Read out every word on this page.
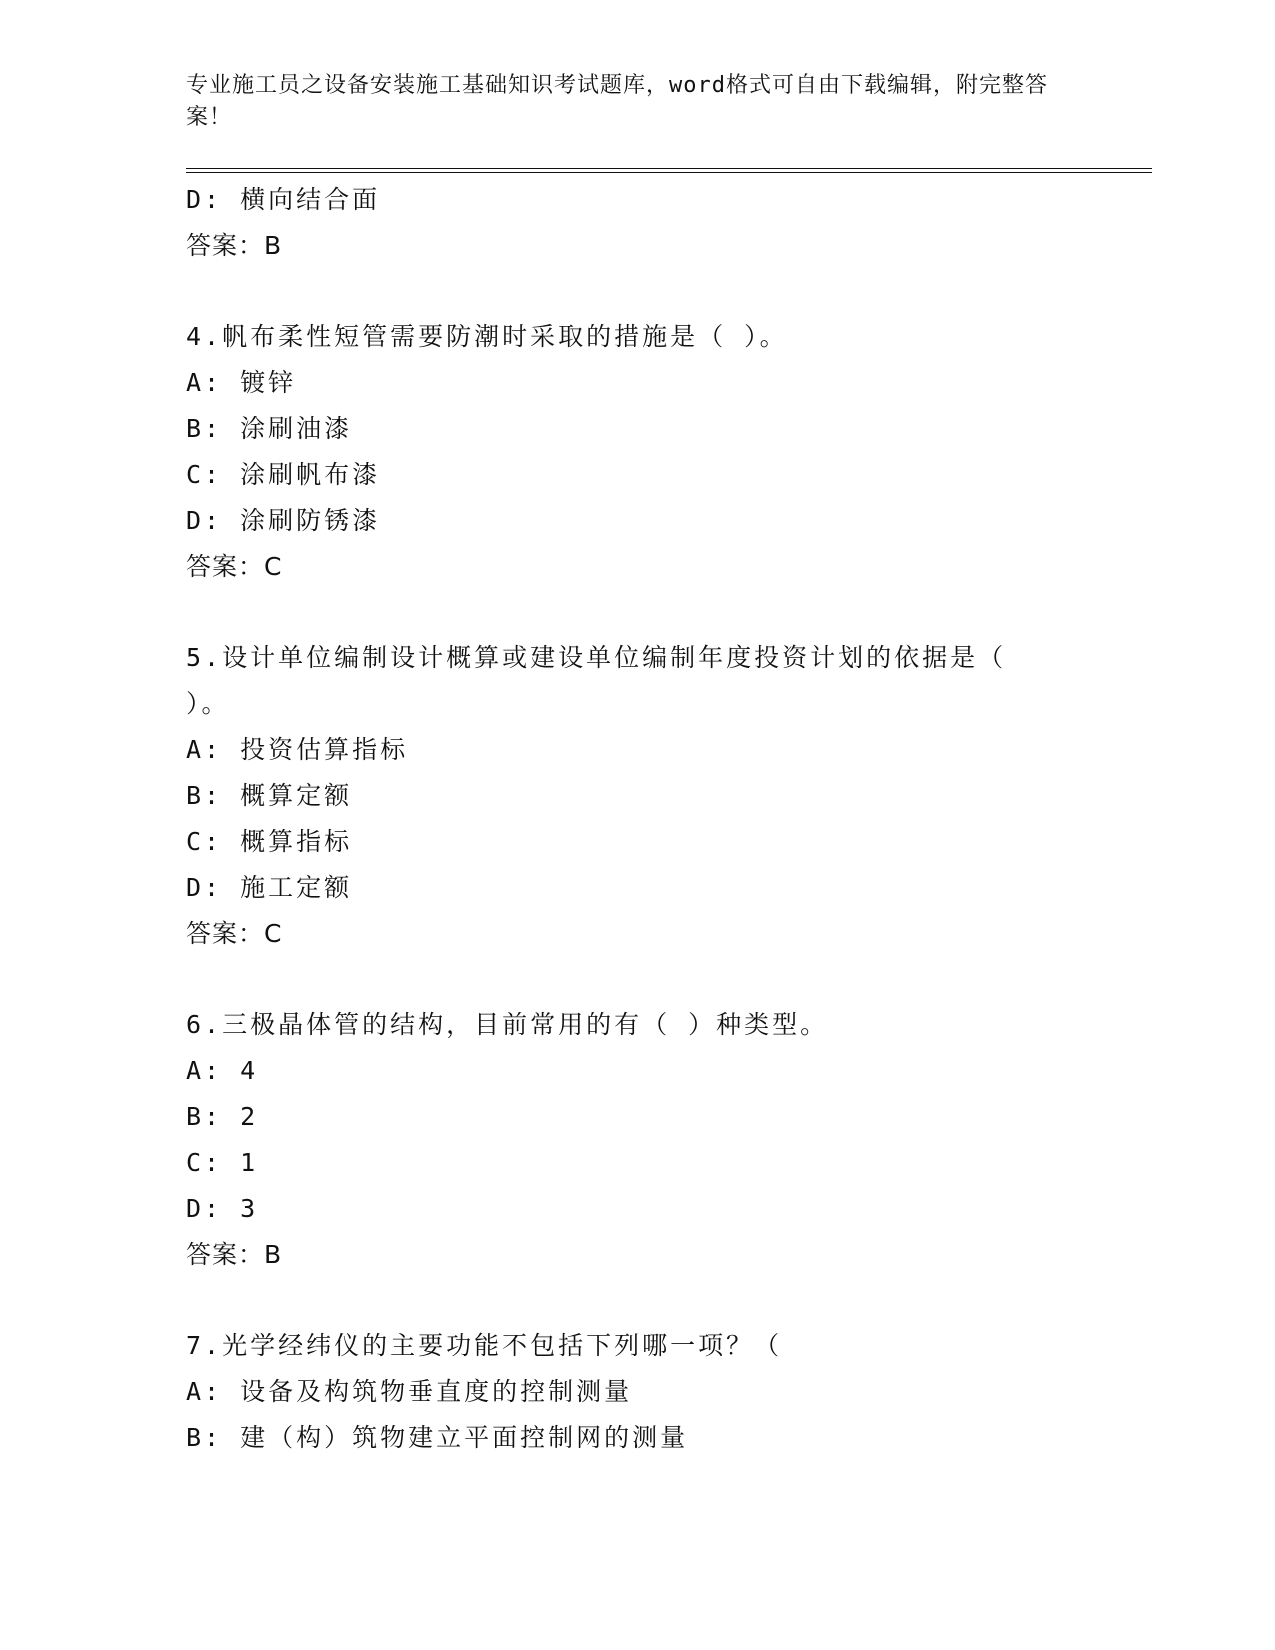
专业施工员之设备安装施工基础知识考试题库，word格式可自由下载编辑，附完整答案！

D: 横向结合面
答案：B
4.帆布柔性短管需要防潮时采取的措施是（ ）。
A: 镀锌
B: 涂刷油漆
C: 涂刷帆布漆
D: 涂刷防锈漆
答案：C
5.设计单位编制设计概算或建设单位编制年度投资计划的依据是（ ）。
A: 投资估算指标
B: 概算定额
C: 概算指标
D: 施工定额
答案：C
6.三极晶体管的结构，目前常用的有（ ）种类型。
A: 4
B: 2
C: 1
D: 3
答案：B
7.光学经纬仪的主要功能不包括下列哪一项？（
A: 设备及构筑物垂直度的控制测量
B: 建（构）筑物建立平面控制网的测量
